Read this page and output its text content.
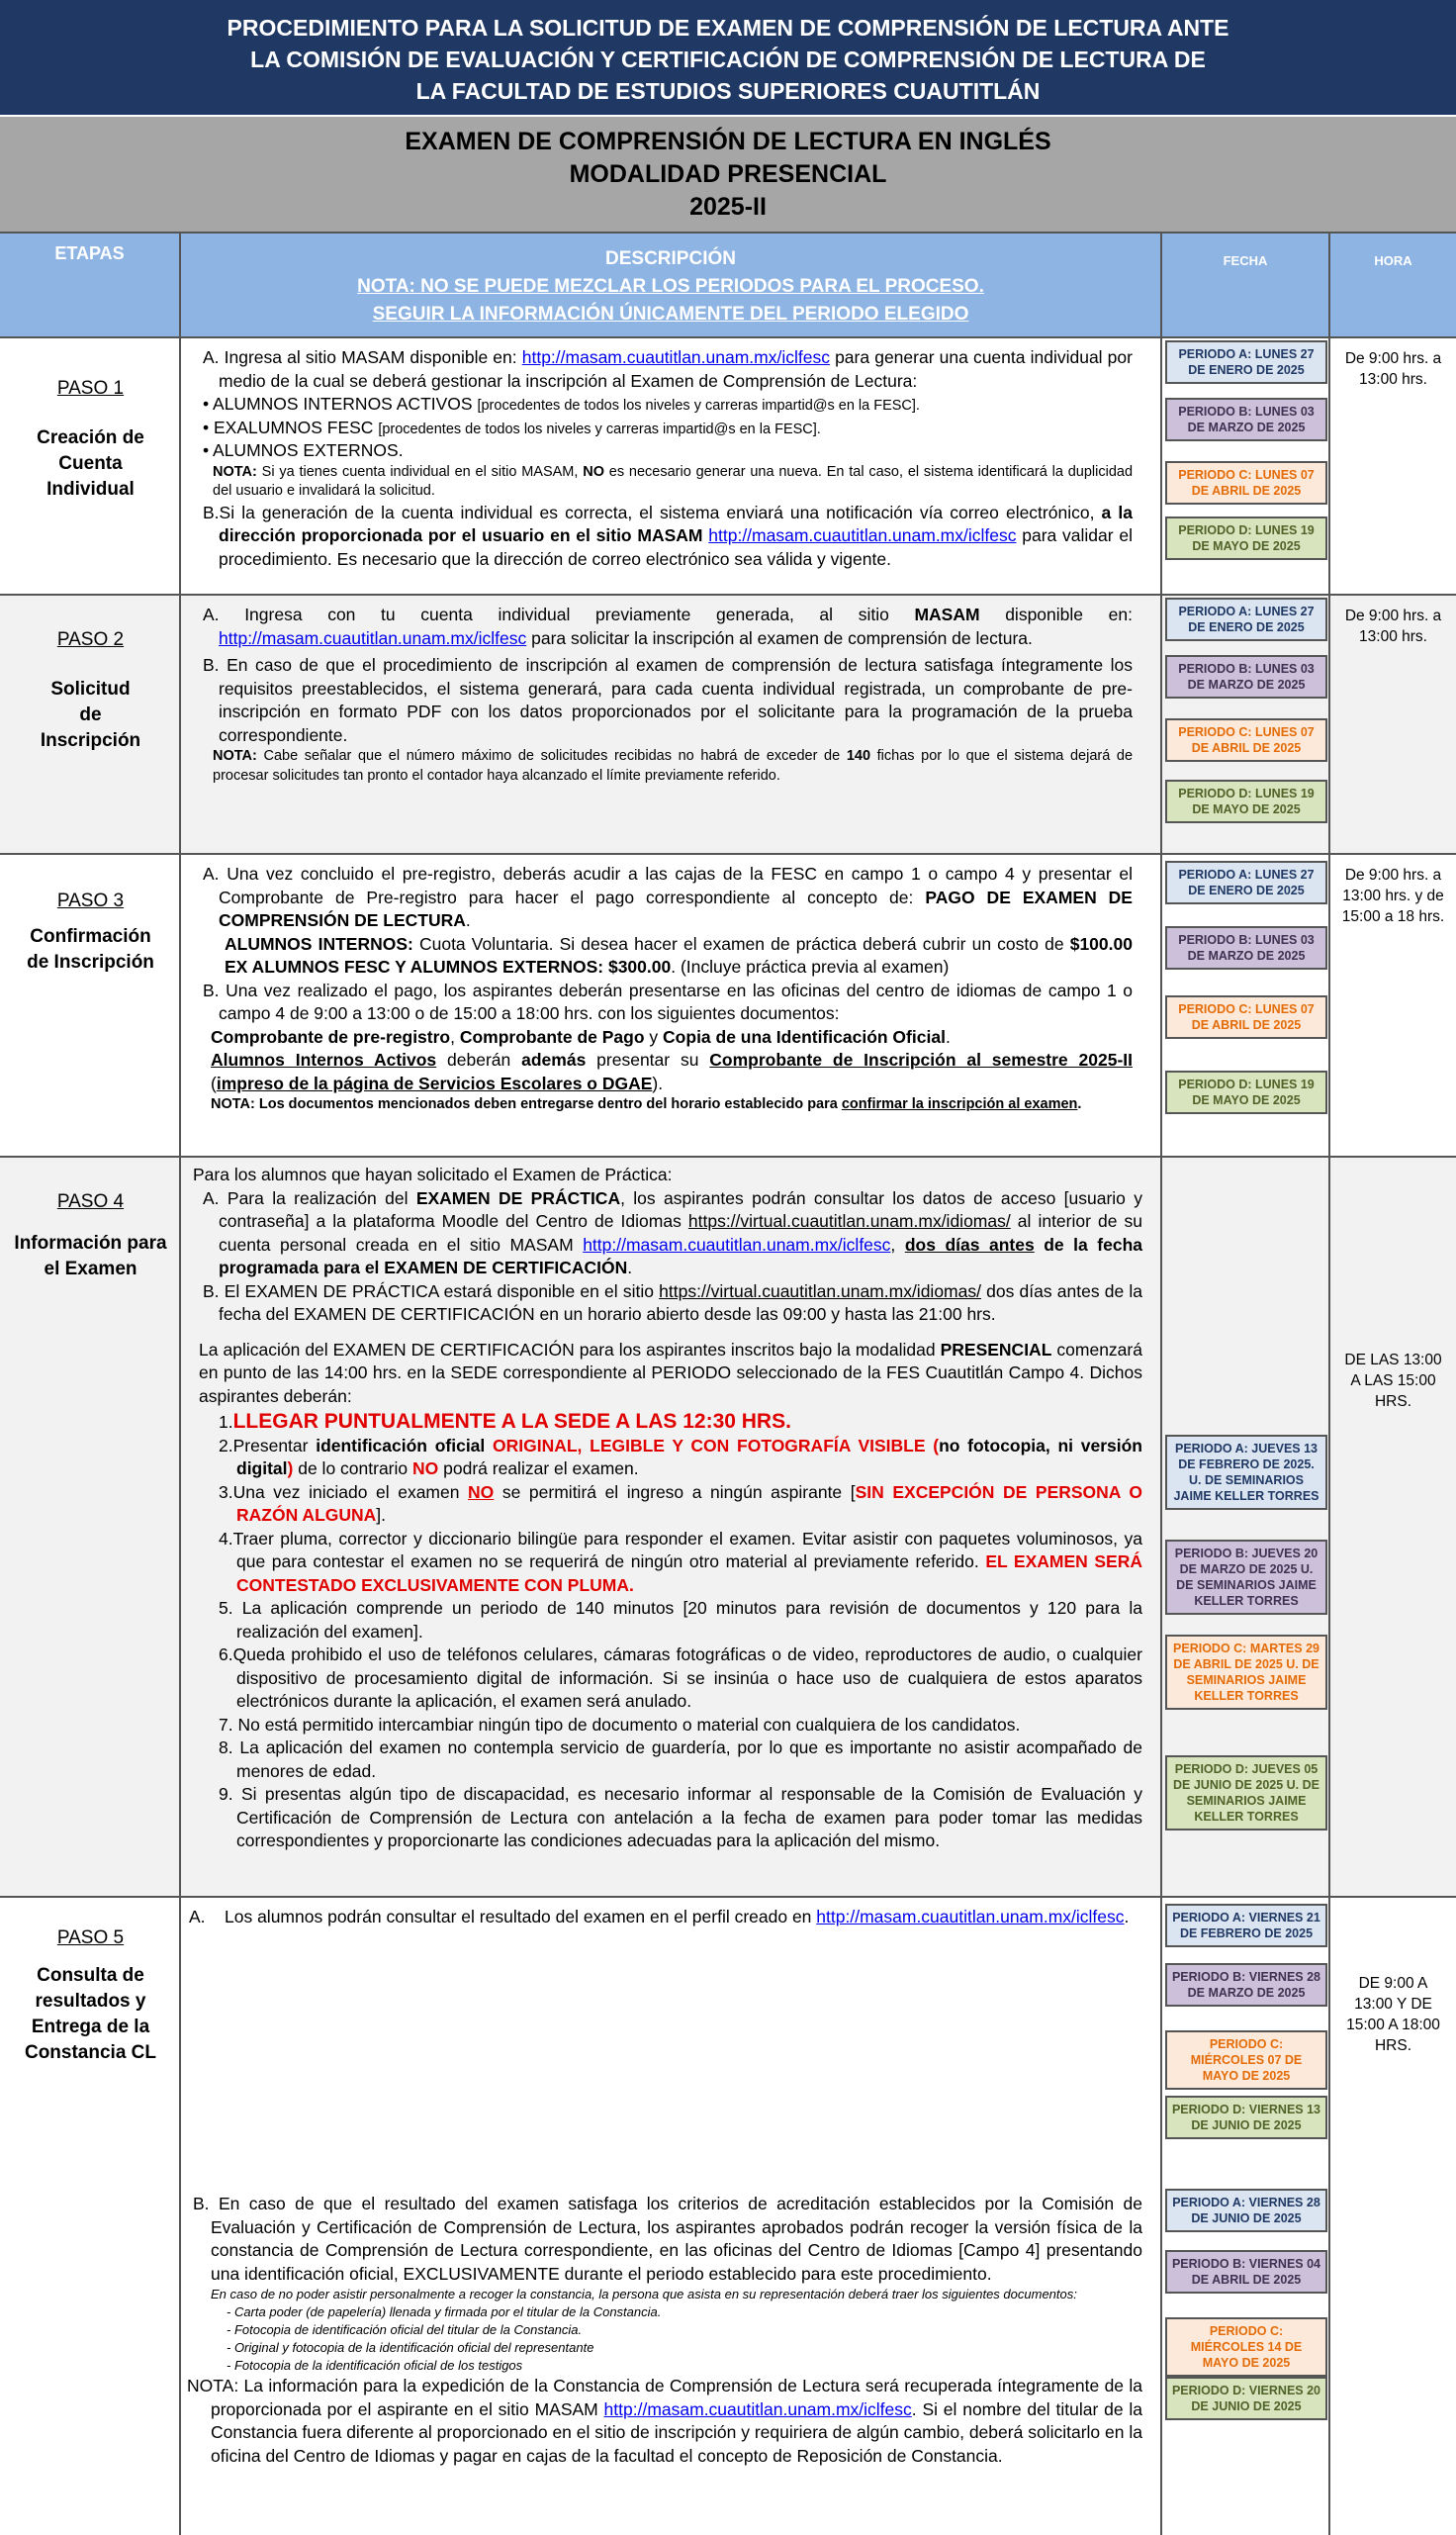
PROCEDIMIENTO PARA LA SOLICITUD DE EXAMEN DE COMPRENSIÓN DE LECTURA ANTE
LA COMISIÓN DE EVALUACIÓN Y CERTIFICACIÓN DE COMPRENSIÓN DE LECTURA DE
LA FACULTAD DE ESTUDIOS SUPERIORES CUAUTITLÁN
EXAMEN DE COMPRENSIÓN DE LECTURA EN INGLÉS
MODALIDAD PRESENCIAL
2025-II
ETAPAS	DESCRIPCIÓN
NOTA: NO SE PUEDE MEZCLAR LOS PERIODOS PARA EL PROCESO. SEGUIR LA INFORMACIÓN ÚNICAMENTE DEL PERIODO ELEGIDO
FECHA	HORA
PASO 1
Creación de Cuenta Individual

A. Ingresa al sitio MASAM disponible en: http://masam.cuautitlan.unam.mx/iclfesc para generar una cuenta individual por medio de la cual se deberá gestionar la inscripción al Examen de Comprensión de Lectura:

• ALUMNOS INTERNOS ACTIVOS [procedentes de todos los niveles y carreras impartid@s en la FESC].

• EXALUMNOS FESC [procedentes de todos los niveles y carreras impartid@s en la FESC].

• ALUMNOS EXTERNOS.

NOTA: Si ya tienes cuenta individual en el sitio MASAM, NO es necesario generar una nueva. En tal caso, el sistema identificará la duplicidad del usuario e invalidará la solicitud.

B.Si la generación de la cuenta individual es correcta, el sistema enviará una notificación vía correo electrónico, a la dirección proporcionada por el usuario en el sitio MASAM http://masam.cuautitlan.unam.mx/iclfesc para validar el procedimiento. Es necesario que la dirección de correo electrónico sea válida y vigente.

PERIODO A: LUNES 27 DE ENERO DE 2025
PERIODO B: LUNES 03 DE MARZO DE 2025
PERIODO C: LUNES 07 DE ABRIL DE 2025
PERIODO D: LUNES 19 DE MAYO DE 2025
De 9:00 hrs. a 13:00 hrs.
PASO 2
Solicitud de Inscripción

A. Ingresa con tu cuenta individual previamente generada, al sitio MASAM disponible en: http://masam.cuautitlan.unam.mx/iclfesc para solicitar la inscripción al examen de comprensión de lectura.

B. En caso de que el procedimiento de inscripción al examen de comprensión de lectura satisfaga íntegramente los requisitos preestablecidos, el sistema generará, para cada cuenta individual registrada, un comprobante de pre-inscripción en formato PDF con los datos proporcionados por el solicitante para la programación de la prueba correspondiente.

NOTA: Cabe señalar que el número máximo de solicitudes recibidas no habrá de exceder de 140 fichas por lo que el sistema dejará de procesar solicitudes tan pronto el contador haya alcanzado el límite previamente referido.

PERIODO A: LUNES 27 DE ENERO DE 2025
PERIODO B: LUNES 03 DE MARZO DE 2025
PERIODO C: LUNES 07 DE ABRIL DE 2025
PERIODO D: LUNES 19 DE MAYO DE 2025
De 9:00 hrs. a 13:00 hrs.
PASO 3
Confirmación de Inscripción

A. Una vez concluido el pre-registro, deberás acudir a las cajas de la FESC en campo 1 o campo 4 y presentar el Comprobante de Pre-registro para hacer el pago correspondiente al concepto de: PAGO DE EXAMEN DE COMPRENSIÓN DE LECTURA.

ALUMNOS INTERNOS: Cuota Voluntaria. Si desea hacer el examen de práctica deberá cubrir un costo de $100.00 EX ALUMNOS FESC Y ALUMNOS EXTERNOS: $300.00. (Incluye práctica previa al examen)

B. Una vez realizado el pago, los aspirantes deberán presentarse en las oficinas del centro de idiomas de campo 1 o campo 4 de 9:00 a 13:00 o de 15:00 a 18:00 hrs. con los siguientes documentos:

Comprobante de pre-registro, Comprobante de Pago y Copia de una Identificación Oficial.

Alumnos Internos Activos deberán además presentar su Comprobante de Inscripción al semestre 2025-II (impreso de la página de Servicios Escolares o DGAE).

NOTA: Los documentos mencionados deben entregarse dentro del horario establecido para confirmar la inscripción al examen.

PERIODO A: LUNES 27 DE ENERO DE 2025
PERIODO B: LUNES 03 DE MARZO DE 2025
PERIODO C: LUNES 07 DE ABRIL DE 2025
PERIODO D: LUNES 19 DE MAYO DE 2025
De 9:00 hrs. a 13:00 hrs. y de 15:00 a 18 hrs.
PASO 4
Información para el Examen

Para los alumnos que hayan solicitado el Examen de Práctica:

A. Para la realización del EXAMEN DE PRÁCTICA, los aspirantes podrán consultar los datos de acceso [usuario y contraseña] a la plataforma Moodle del Centro de Idiomas https://virtual.cuautitlan.unam.mx/idiomas/ al interior de su cuenta personal creada en el sitio MASAM http://masam.cuautitlan.unam.mx/iclfesc, dos días antes de la fecha programada para el EXAMEN DE CERTIFICACIÓN.

B. El EXAMEN DE PRÁCTICA estará disponible en el sitio https://virtual.cuautitlan.unam.mx/idiomas/ dos días antes de la fecha del EXAMEN DE CERTIFICACIÓN en un horario abierto desde las 09:00 y hasta las 21:00 hrs.

La aplicación del EXAMEN DE CERTIFICACIÓN para los aspirantes inscritos bajo la modalidad PRESENCIAL comenzará en punto de las 14:00 hrs. en la SEDE correspondiente al PERIODO seleccionado de la FES Cuautitlán Campo 4. Dichos aspirantes deberán:

1.LLEGAR PUNTUALMENTE A LA SEDE A LAS 12:30 HRS.

2.Presentar identificación oficial ORIGINAL, LEGIBLE Y CON FOTOGRAFÍA VISIBLE (no fotocopia, ni versión digital) de lo contrario NO podrá realizar el examen.

3.Una vez iniciado el examen NO se permitirá el ingreso a ningún aspirante [SIN EXCEPCIÓN DE PERSONA O RAZÓN ALGUNA].

4.Traer pluma, corrector y diccionario bilingüe para responder el examen. Evitar asistir con paquetes voluminosos, ya que para contestar el examen no se requerirá de ningún otro material al previamente referido. EL EXAMEN SERÁ CONTESTADO EXCLUSIVAMENTE CON PLUMA.

5. La aplicación comprende un periodo de 140 minutos [20 minutos para revisión de documentos y 120 para la realización del examen].

6.Queda prohibido el uso de teléfonos celulares, cámaras fotográficas o de video, reproductores de audio, o cualquier dispositivo de procesamiento digital de información. Si se insinúa o hace uso de cualquiera de estos aparatos electrónicos durante la aplicación, el examen será anulado.

7. No está permitido intercambiar ningún tipo de documento o material con cualquiera de los candidatos.

8. La aplicación del examen no contempla servicio de guardería, por lo que es importante no asistir acompañado de menores de edad.

9. Si presentas algún tipo de discapacidad, es necesario informar al responsable de la Comisión de Evaluación y Certificación de Comprensión de Lectura con antelación a la fecha de examen para poder tomar las medidas correspondientes y proporcionarte las condiciones adecuadas para la aplicación del mismo.

PERIODO A: JUEVES 13 DE FEBRERO DE 2025. U. DE SEMINARIOS JAIME KELLER TORRES
PERIODO B: JUEVES 20 DE MARZO DE 2025 U. DE SEMINARIOS JAIME KELLER TORRES
PERIODO C: MARTES 29 DE ABRIL DE 2025 U. DE SEMINARIOS JAIME KELLER TORRES
PERIODO D: JUEVES 05 DE JUNIO DE 2025 U. DE SEMINARIOS JAIME KELLER TORRES
DE LAS 13:00 A LAS 15:00 HRS.
PASO 5
Consulta de resultados y Entrega de la Constancia CL

A.    Los alumnos podrán consultar el resultado del examen en el perfil creado en http://masam.cuautitlan.unam.mx/iclfesc.

B. En caso de que el resultado del examen satisfaga los criterios de acreditación establecidos por la Comisión de Evaluación y Certificación de Comprensión de Lectura, los aspirantes aprobados podrán recoger la versión física de la constancia de Comprensión de Lectura correspondiente, en las oficinas del Centro de Idiomas [Campo 4] presentando una identificación oficial, EXCLUSIVAMENTE durante el periodo establecido para este procedimiento.

En caso de no poder asistir personalmente a recoger la constancia, la persona que asista en su representación deberá traer los siguientes documentos:

- Carta poder (de papelería) llenada y firmada por el titular de la Constancia.

- Fotocopia de identificación oficial del titular de la Constancia.

- Original y fotocopia de la identificación oficial del representante

- Fotocopia de la identificación oficial de los testigos

NOTA: La información para la expedición de la Constancia de Comprensión de Lectura será recuperada íntegramente de la proporcionada por el aspirante en el sitio MASAM http://masam.cuautitlan.unam.mx/iclfesc. Si el nombre del titular de la Constancia fuera diferente al proporcionado en el sitio de inscripción y requiriera de algún cambio, deberá solicitarlo en la oficina del Centro de Idiomas y pagar en cajas de la facultad el concepto de Reposición de Constancia.

PERIODO A: VIERNES 21 DE FEBRERO DE 2025
PERIODO B: VIERNES 28 DE MARZO DE 2025
PERIODO C: MIÉRCOLES 07 DE MAYO DE 2025
PERIODO D: VIERNES 13 DE JUNIO DE 2025
PERIODO A: VIERNES 28 DE JUNIO DE 2025
PERIODO B: VIERNES 04 DE ABRIL DE 2025
PERIODO C: MIÉRCOLES 14 DE MAYO DE 2025
PERIODO D: VIERNES 20 DE JUNIO DE 2025
DE 9:00 A 13:00 Y DE 15:00 A 18:00 HRS.
